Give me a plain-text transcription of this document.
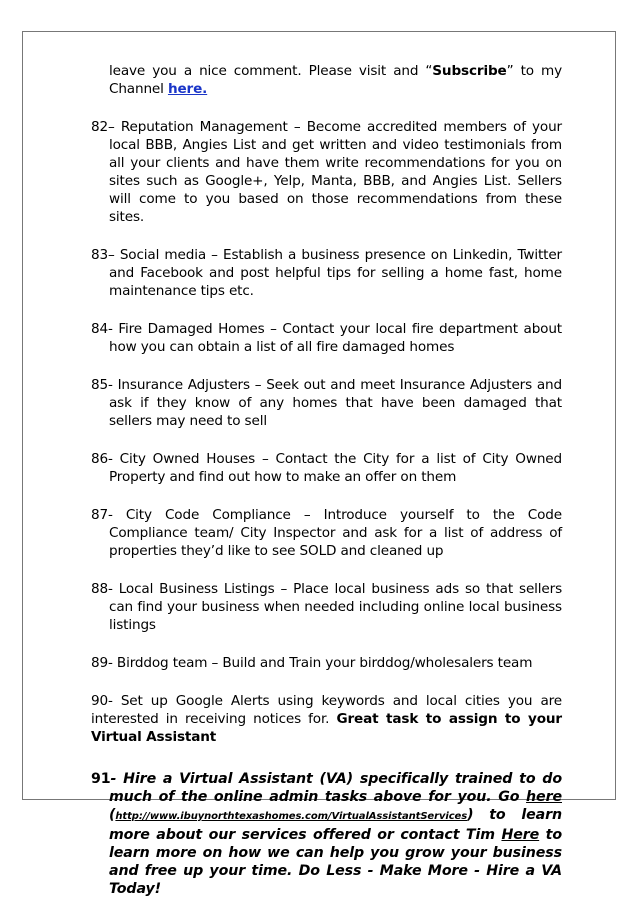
leave you a nice comment. Please visit and “Subscribe” to my Channel here.
82– Reputation Management – Become accredited members of your local BBB, Angies List and get written and video testimonials from all your clients and have them write recommendations for you on sites such as Google+, Yelp, Manta, BBB, and Angies List. Sellers will come to you based on those recommendations from these sites.
83– Social media – Establish a business presence on Linkedin, Twitter and Facebook and post helpful tips for selling a home fast, home maintenance tips etc.
84- Fire Damaged Homes – Contact your local fire department about how you can obtain a list of all fire damaged homes
85- Insurance Adjusters – Seek out and meet Insurance Adjusters and ask if they know of any homes that have been damaged that sellers may need to sell
86- City Owned Houses – Contact the City for a list of City Owned Property and find out how to make an offer on them
87- City Code Compliance – Introduce yourself to the Code Compliance team/ City Inspector and ask for a list of address of properties they’d like to see SOLD and cleaned up
88- Local Business Listings – Place local business ads so that sellers can find your business when needed including online local business listings
89- Birddog team – Build and Train your birddog/wholesalers team
90- Set up Google Alerts using keywords and local cities you are interested in receiving notices for. Great task to assign to your Virtual Assistant
91- Hire a Virtual Assistant (VA) specifically trained to do much of the online admin tasks above for you. Go here (http://www.ibuynorthtexashomes.com/VirtualAssistantServices) to learn more about our services offered or contact Tim Here to learn more on how we can help you grow your business and free up your time. Do Less - Make More - Hire a VA Today!
